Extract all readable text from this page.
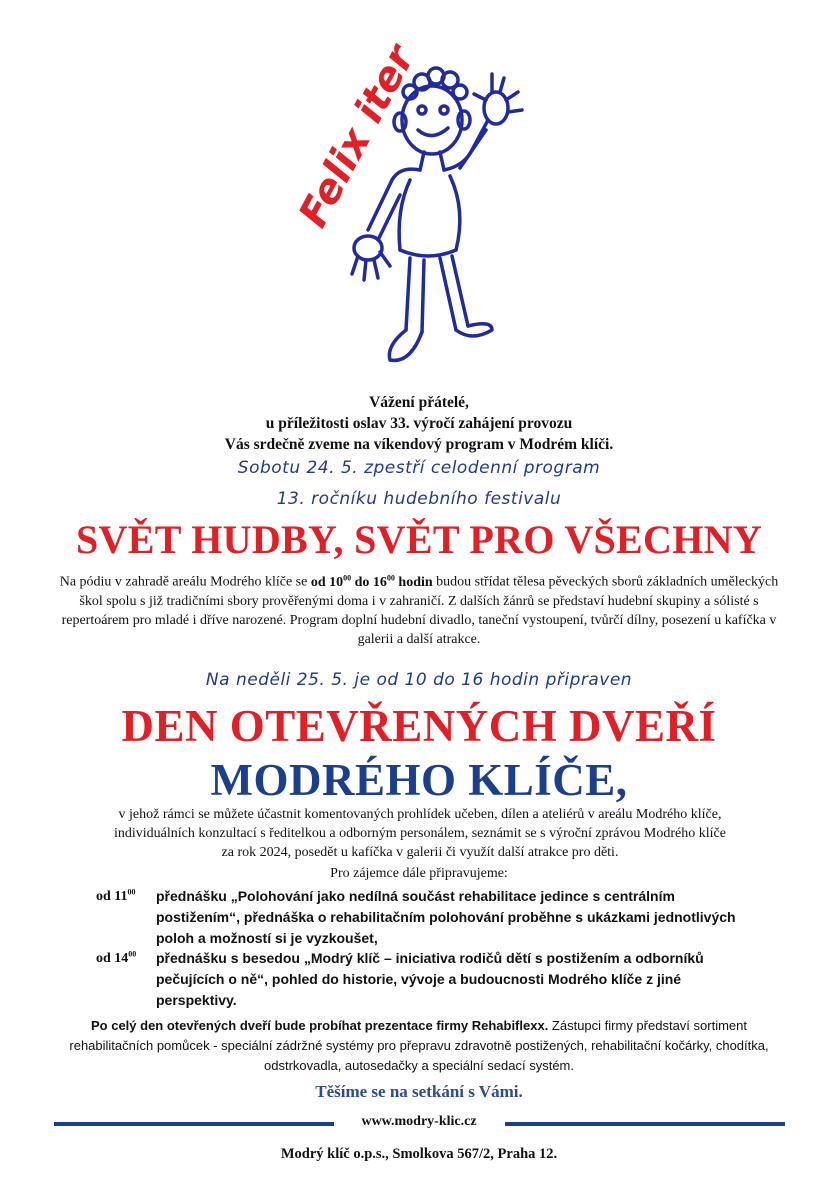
Felix iter
Vážení přátelé,
u příležitosti oslav 33. výročí zahájení provozu
Vás srdečně zveme na víkendový program v Modrém klíči.
Sobotu 24. 5. zpestří celodenní program
13. ročníku hudebního festivalu
SVĚT HUDBY, SVĚT PRO VŠECHNY
Na pódiu v zahradě areálu Modrého klíče se od $10^{00}$ do $16^{00}$ hodin budou střídat tělesa pěveckých sborů základních uměleckých škol spolu s již tradičními sbory prověřenými doma i v zahraničí. Z dalších žánrů se představí hudební skupiny a sólisté s repertoárem pro mladé i dříve narozené. Program doplní hudební divadlo, taneční vystoupení, tvůrčí dílny, posezení u kafíčka v galerii a další atrakce.
Na neděli 25. 5. je od 10 do 16 hodin připraven
DEN OTEVŘENÝCH DVEŘÍ
MODRÉHO KLÍČE,
v jehož rámci se můžete účastnit komentovaných prohlídek učeben, dílen a ateliérů v areálu Modrého klíče, individuálních konzultací s ředitelkou a odborným personálem, seznámit se s výroční zprávou Modrého klíče za rok 2024, posedět u kafíčka v galerii či využít další atrakce pro děti.
Pro zájemce dále připravujeme:
od $11^{00}$	přednášku „Polohování jako nedílná součást rehabilitace jedince s centrálním postižením“, přednáška o rehabilitačním polohování proběhne s ukázkami jednotlivých poloh a možností si je vyzkoušet,
od $14^{00}$	přednášku s besedou „Modrý klíč – iniciativa rodičů dětí s postižením a odborníků pečujících o ně“, pohled do historie, vývoje a budoucnosti Modrého klíče z jiné perspektivy.
Po celý den otevřených dveří bude probíhat prezentace firmy Rehabiflexx. Zástupci firmy představí sortiment rehabilitačních pomůcek - speciální zádržné systémy pro přepravu zdravotně postižených, rehabilitační kočárky, chodítka, odstrkovadla, autosedačky a speciální sedací systém.
Těšíme se na setkání s Vámi.
www.modry-klic.cz
Modrý klíč o.p.s., Smolkova 567/2, Praha 12.
